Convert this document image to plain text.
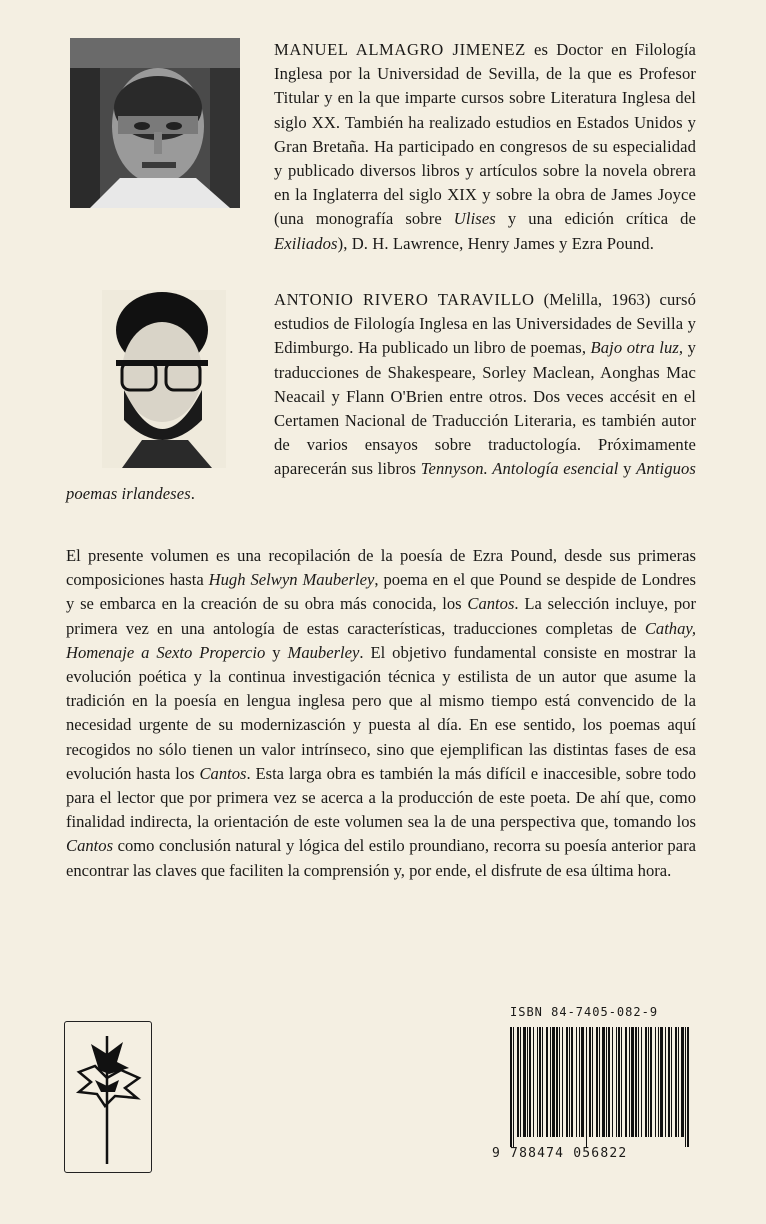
MANUEL ALMAGRO JIMENEZ es Doctor en Filología Inglesa por la Universidad de Sevilla, de la que es Profesor Titular y en la que imparte cursos sobre Literatura Inglesa del siglo XX. También ha realizado estudios en Estados Unidos y Gran Bretaña. Ha participado en congresos de su especialidad y publicado diversos libros y artículos sobre la novela obrera en la Inglaterra del siglo XIX y sobre la obra de James Joyce (una monografía sobre Ulises y una edición crítica de Exiliados), D. H. Lawrence, Henry James y Ezra Pound.
ANTONIO RIVERO TARAVILLO (Melilla, 1963) cursó estudios de Filología Inglesa en las Universidades de Sevilla y Edimburgo. Ha publicado un libro de poemas, Bajo otra luz, y traducciones de Shakespeare, Sorley Maclean, Aonghas Mac Neacail y Flann O'Brien entre otros. Dos veces accésit en el Certamen Nacional de Traducción Literaria, es también autor de varios ensayos sobre traductología. Próximamente aparecerán sus libros Tennyson. Antología esencial y Antiguos poemas irlandeses.

El presente volumen es una recopilación de la poesía de Ezra Pound, desde sus primeras composiciones hasta Hugh Selwyn Mauberley, poema en el que Pound se despide de Londres y se embarca en la creación de su obra más conocida, los Cantos. La selección incluye, por primera vez en una antología de estas características, traducciones completas de Cathay, Homenaje a Sexto Propercio y Mauberley. El objetivo fundamental consiste en mostrar la evolución poética y la continua investigación técnica y estilista de un autor que asume la tradición en la poesía en lengua inglesa pero que al mismo tiempo está convencido de la necesidad urgente de su modernizasción y puesta al día. En ese sentido, los poemas aquí recogidos no sólo tienen un valor intrínseco, sino que ejemplifican las distintas fases de esa evolución hasta los Cantos. Esta larga obra es también la más difícil e inaccesible, sobre todo para el lector que por primera vez se acerca a la producción de este poeta. De ahí que, como finalidad indirecta, la orientación de este volumen sea la de una perspectiva que, tomando los Cantos como conclusión natural y lógica del estilo proundiano, recorra su poesía anterior para encontrar las claves que faciliten la comprensión y, por ende, el disfrute de esa última hora.

ISBN 84-7405-082-9
9 788474 056822
